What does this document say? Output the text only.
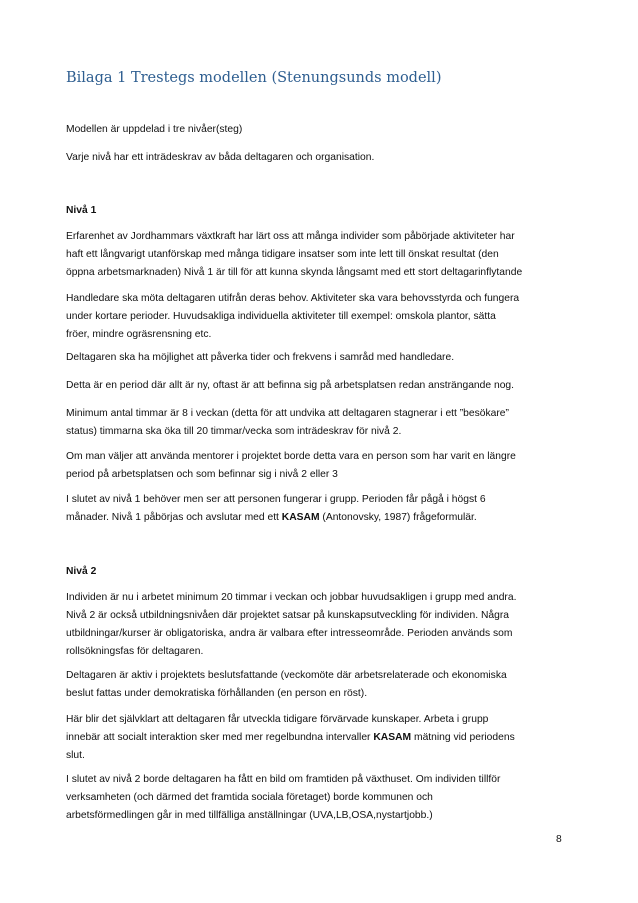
Bilaga 1 Trestegs modellen (Stenungsunds modell)

Modellen är uppdelad i tre nivåer(steg)

Varje nivå har ett inträdeskrav av båda deltagaren och organisation.

Nivå 1

Erfarenhet av Jordhammars växtkraft har lärt oss att många individer som påbörjade aktiviteter har
haft ett långvarigt utanförskap med många tidigare insatser som inte lett till önskat resultat (den
öppna arbetsmarknaden) Nivå 1 är till för att kunna skynda långsamt med ett stort deltagarinflytande

Handledare ska möta deltagaren utifrån deras behov. Aktiviteter ska vara behovsstyrda och fungera
under kortare perioder. Huvudsakliga individuella aktiviteter till exempel: omskola plantor, sätta
fröer, mindre ogräsrensning etc.

Deltagaren ska ha möjlighet att påverka tider och frekvens i samråd med handledare.

Detta är en period där allt är ny, oftast är att befinna sig på arbetsplatsen redan ansträngande nog.

Minimum antal timmar är 8 i veckan (detta för att undvika att deltagaren stagnerar i ett ”besökare”
status) timmarna ska öka till 20 timmar/vecka som inträdeskrav för nivå 2.

Om man väljer att använda mentorer i projektet borde detta vara en person som har varit en längre
period på arbetsplatsen och som befinnar sig i nivå 2 eller 3

I slutet av nivå 1 behöver men ser att personen fungerar i grupp. Perioden får pågå i högst 6
månader. Nivå 1 påbörjas och avslutar med ett KASAM (Antonovsky, 1987) frågeformulär.

Nivå 2

Individen är nu i arbetet minimum 20 timmar i veckan och jobbar huvudsakligen i grupp med andra.
Nivå 2 är också utbildningsnivåen där projektet satsar på kunskapsutveckling för individen. Några
utbildningar/kurser är obligatoriska, andra är valbara efter intresseområde. Perioden används som
rollsökningsfas för deltagaren.

Deltagaren är aktiv i projektets beslutsfattande (veckomöte där arbetsrelaterade och ekonomiska
beslut fattas under demokratiska förhållanden (en person en röst).

Här blir det självklart att deltagaren får utveckla tidigare förvärvade kunskaper. Arbeta i grupp
innebär att socialt interaktion sker med mer regelbundna intervaller KASAM mätning vid periodens
slut.

I slutet av nivå 2 borde deltagaren ha fått en bild om framtiden på växthuset. Om individen tillför
verksamheten (och därmed det framtida sociala företaget) borde kommunen och
arbetsförmedlingen går in med tillfälliga anställningar (UVA,LB,OSA,nystartjobb.)

8
